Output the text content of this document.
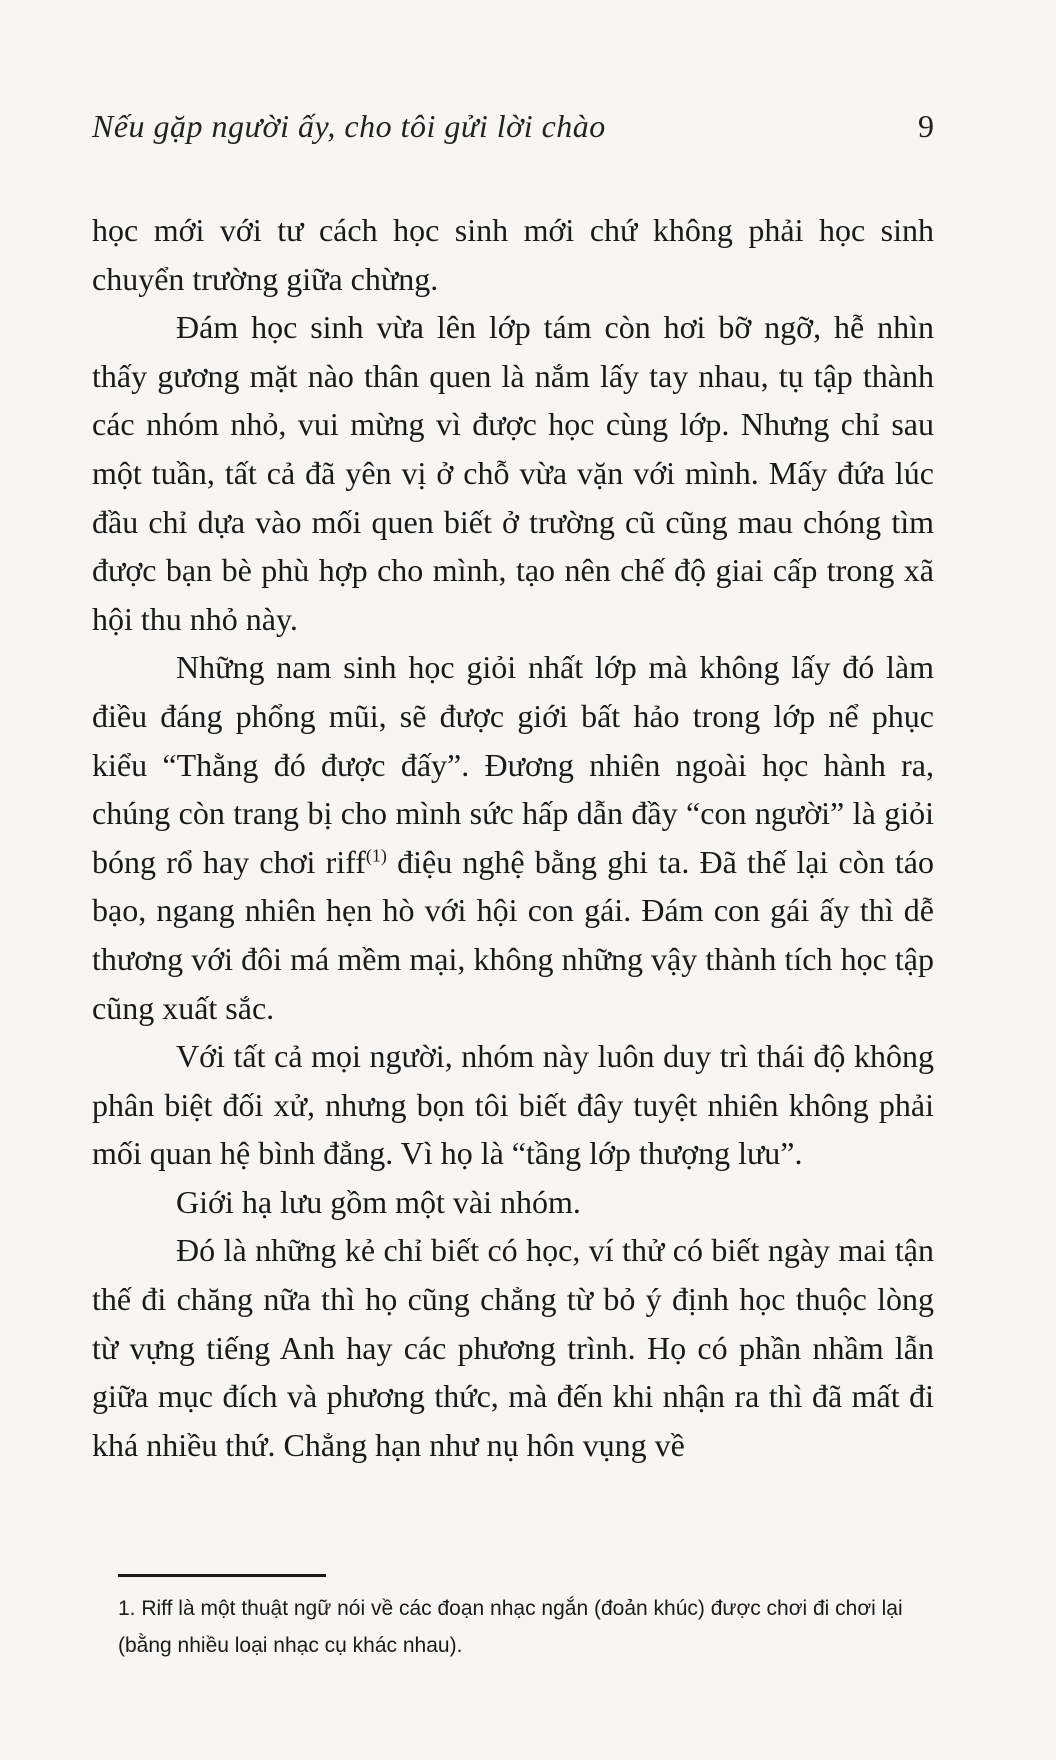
Nếu gặp người ấy, cho tôi gửi lời chào	9

học mới với tư cách học sinh mới chứ không phải học sinh chuyển trường giữa chừng.

Đám học sinh vừa lên lớp tám còn hơi bỡ ngỡ, hễ nhìn thấy gương mặt nào thân quen là nắm lấy tay nhau, tụ tập thành các nhóm nhỏ, vui mừng vì được học cùng lớp. Nhưng chỉ sau một tuần, tất cả đã yên vị ở chỗ vừa vặn với mình. Mấy đứa lúc đầu chỉ dựa vào mối quen biết ở trường cũ cũng mau chóng tìm được bạn bè phù hợp cho mình, tạo nên chế độ giai cấp trong xã hội thu nhỏ này.

Những nam sinh học giỏi nhất lớp mà không lấy đó làm điều đáng phổng mũi, sẽ được giới bất hảo trong lớp nể phục kiểu “Thằng đó được đấy”. Đương nhiên ngoài học hành ra, chúng còn trang bị cho mình sức hấp dẫn đầy “con người” là giỏi bóng rổ hay chơi riff$^{(1)}$ điệu nghệ bằng ghi ta. Đã thế lại còn táo bạo, ngang nhiên hẹn hò với hội con gái. Đám con gái ấy thì dễ thương với đôi má mềm mại, không những vậy thành tích học tập cũng xuất sắc.

Với tất cả mọi người, nhóm này luôn duy trì thái độ không phân biệt đối xử, nhưng bọn tôi biết đây tuyệt nhiên không phải mối quan hệ bình đẳng. Vì họ là “tầng lớp thượng lưu”.

Giới hạ lưu gồm một vài nhóm.

Đó là những kẻ chỉ biết có học, ví thử có biết ngày mai tận thế đi chăng nữa thì họ cũng chẳng từ bỏ ý định học thuộc lòng từ vựng tiếng Anh hay các phương trình. Họ có phần nhầm lẫn giữa mục đích và phương thức, mà đến khi nhận ra thì đã mất đi khá nhiều thứ. Chẳng hạn như nụ hôn vụng về

1. Riff là một thuật ngữ nói về các đoạn nhạc ngắn (đoản khúc) được chơi đi chơi lại (bằng nhiều loại nhạc cụ khác nhau).
